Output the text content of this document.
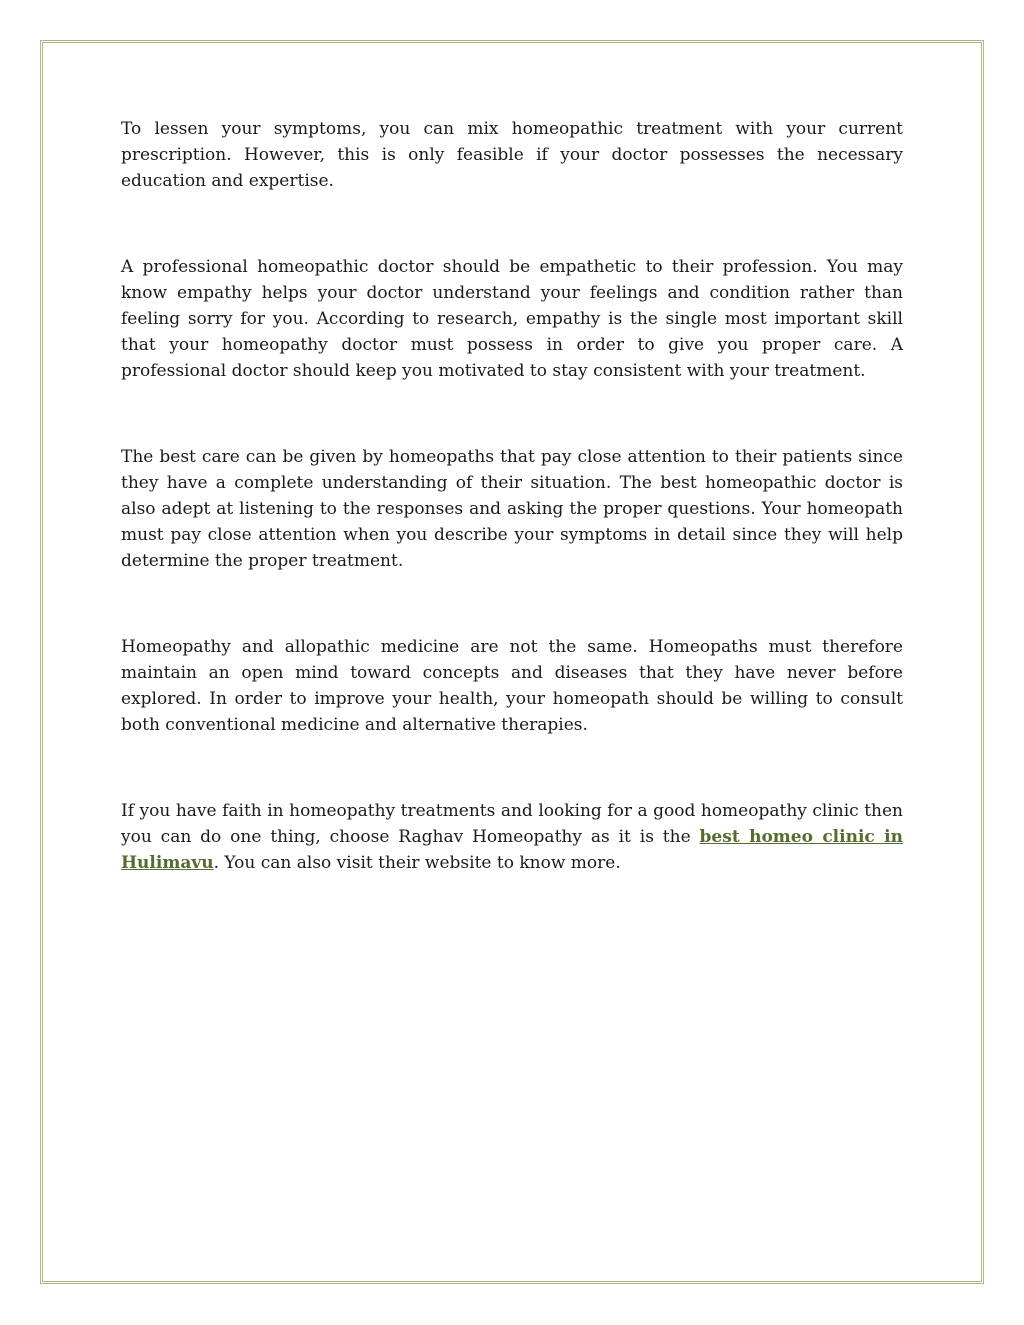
To lessen your symptoms, you can mix homeopathic treatment with your current prescription. However, this is only feasible if your doctor possesses the necessary education and expertise.

A professional homeopathic doctor should be empathetic to their profession. You may know empathy helps your doctor understand your feelings and condition rather than feeling sorry for you. According to research, empathy is the single most important skill that your homeopathy doctor must possess in order to give you proper care. A professional doctor should keep you motivated to stay consistent with your treatment.

The best care can be given by homeopaths that pay close attention to their patients since they have a complete understanding of their situation. The best homeopathic doctor is also adept at listening to the responses and asking the proper questions. Your homeopath must pay close attention when you describe your symptoms in detail since they will help determine the proper treatment.

Homeopathy and allopathic medicine are not the same. Homeopaths must therefore maintain an open mind toward concepts and diseases that they have never before explored. In order to improve your health, your homeopath should be willing to consult both conventional medicine and alternative therapies.

If you have faith in homeopathy treatments and looking for a good homeopathy clinic then you can do one thing, choose Raghav Homeopathy as it is the best homeo clinic in Hulimavu. You can also visit their website to know more.
